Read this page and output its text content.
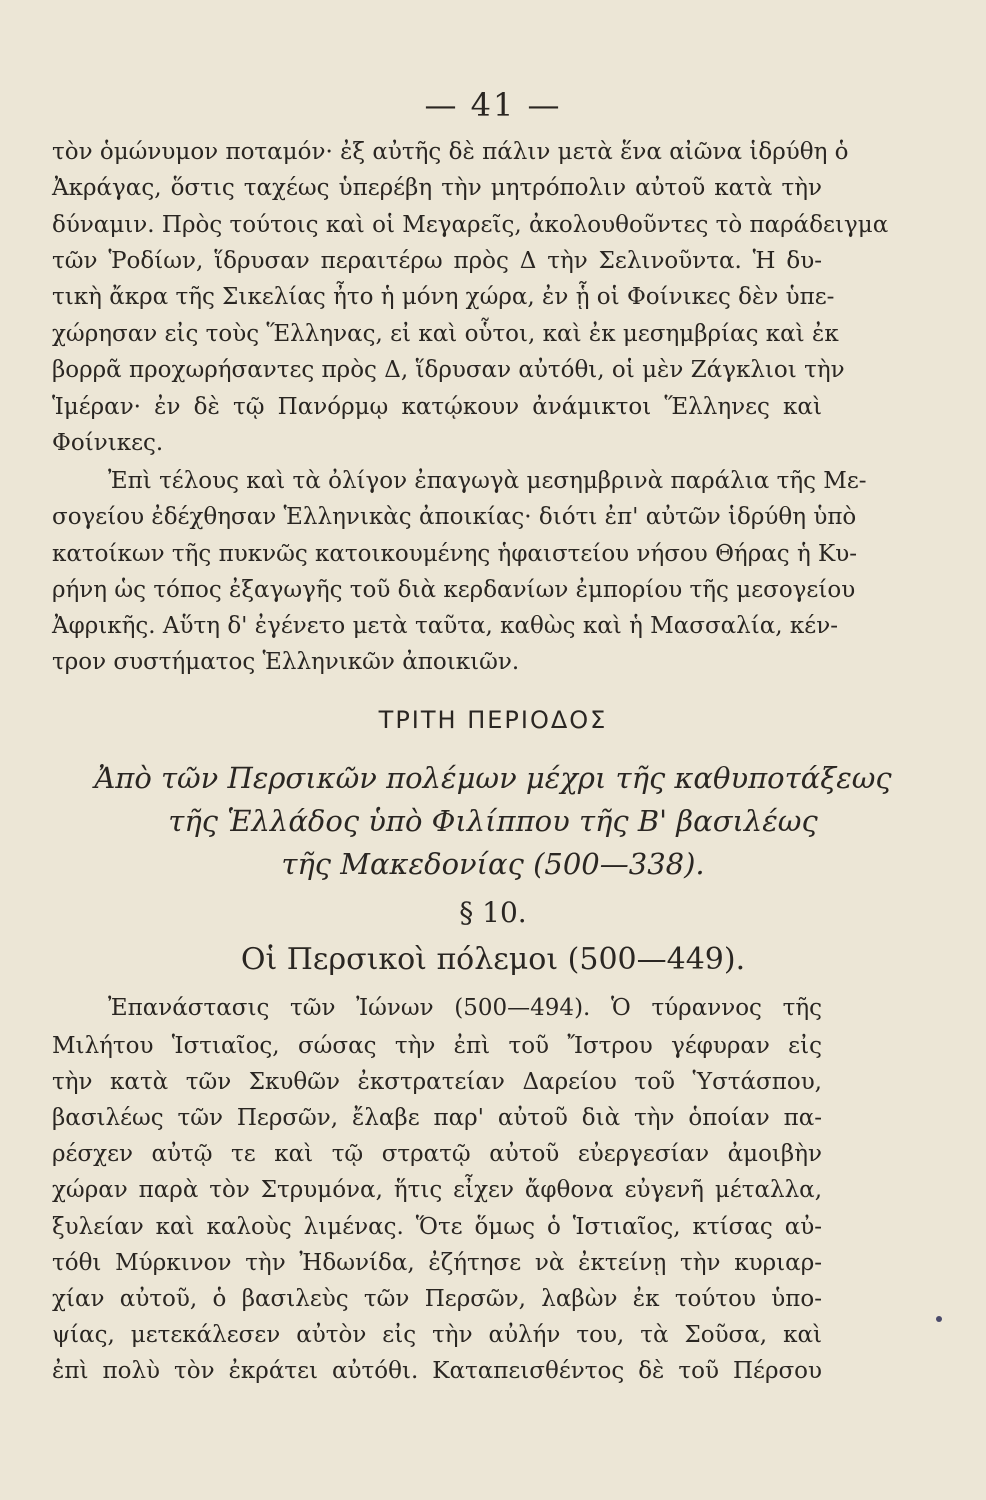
— 41 —
τὸν ὁμώνυμον ποταμόν· ἐξ αὐτῆς δὲ πάλιν μετὰ ἕνα αἰῶνα ἱδρύθη ὁ
Ἀκράγας, ὅστις ταχέως ὑπερέβη τὴν μητρόπολιν αὐτοῦ κατὰ τὴν
δύναμιν. Πρὸς τούτοις καὶ οἱ Μεγαρεῖς, ἀκολουθοῦντες τὸ παράδειγμα
τῶν Ῥοδίων, ἵδρυσαν περαιτέρω πρὸς Δ τὴν Σελινοῦντα. Ἡ δυ-
τικὴ ἄκρα τῆς Σικελίας ἦτο ἡ μόνη χώρα, ἐν ᾗ οἱ Φοίνικες δὲν ὑπε-
χώρησαν εἰς τοὺς Ἕλληνας, εἰ καὶ οὗτοι, καὶ ἐκ μεσημβρίας καὶ ἐκ
βορρᾶ προχωρήσαντες πρὸς Δ, ἵδρυσαν αὐτόθι, οἱ μὲν Ζάγκλιοι τὴν
Ἱμέραν· ἐν δὲ τῷ Πανόρμῳ κατῴκουν ἀνάμικτοι Ἕλληνες καὶ
Φοίνικες.
Ἐπὶ τέλους καὶ τὰ ὀλίγον ἐπαγωγὰ μεσημβρινὰ παράλια τῆς Με-
σογείου ἐδέχθησαν Ἑλληνικὰς ἀποικίας· διότι ἐπ' αὐτῶν ἱδρύθη ὑπὸ
κατοίκων τῆς πυκνῶς κατοικουμένης ἡφαιστείου νήσου Θήρας ἡ Κυ-
ρήνη ὡς τόπος ἐξαγωγῆς τοῦ διὰ κερδανίων ἐμπορίου τῆς μεσογείου
Ἀφρικῆς. Αὕτη δ' ἐγένετο μετὰ ταῦτα, καθὼς καὶ ἡ Μασσαλία, κέν-
τρον συστήματος Ἑλληνικῶν ἀποικιῶν.
ΤΡΙΤΗ ΠΕΡΙΟΔΟΣ
Ἀπὸ τῶν Περσικῶν πολέμων μέχρι τῆς καθυποτάξεως
τῆς Ἑλλάδος ὑπὸ Φιλίππου τῆς Β' βασιλέως
τῆς Μακεδονίας (500—338).
§ 10.
Οἱ Περσικοὶ πόλεμοι (500—449).
Ἐπανάστασις τῶν Ἰώνων (500—494). Ὁ τύραννος τῆς
Μιλήτου Ἱστιαῖος, σώσας τὴν ἐπὶ τοῦ Ἴστρου γέφυραν εἰς
τὴν κατὰ τῶν Σκυθῶν ἐκστρατείαν Δαρείου τοῦ Ὑστάσπου,
βασιλέως τῶν Περσῶν, ἔλαβε παρ' αὐτοῦ διὰ τὴν ὁποίαν πα-
ρέσχεν αὐτῷ τε καὶ τῷ στρατῷ αὐτοῦ εὐεργεσίαν ἀμοιβὴν
χώραν παρὰ τὸν Στρυμόνα, ἥτις εἶχεν ἄφθονα εὐγενῆ μέταλλα,
ξυλείαν καὶ καλοὺς λιμένας. Ὅτε ὅμως ὁ Ἱστιαῖος, κτίσας αὐ-
τόθι Μύρκινον τὴν Ἠδωνίδα, ἐζήτησε νὰ ἐκτείνῃ τὴν κυριαρ-
χίαν αὐτοῦ, ὁ βασιλεὺς τῶν Περσῶν, λαβὼν ἐκ τούτου ὑπο-
ψίας, μετεκάλεσεν αὐτὸν εἰς τὴν αὐλήν του, τὰ Σοῦσα, καὶ
ἐπὶ πολὺ τὸν ἐκράτει αὐτόθι. Καταπεισθέντος δὲ τοῦ Πέρσου
